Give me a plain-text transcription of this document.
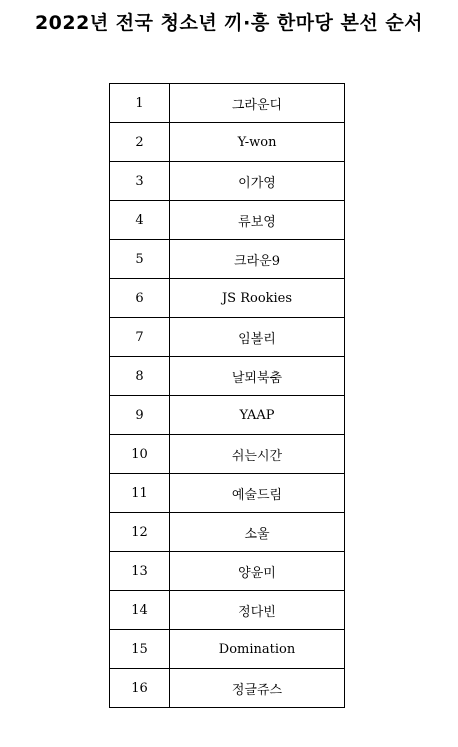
2022년 전국 청소년 끼·흥 한마당 본선 순서
1	그라운디
2	Y-won
3	이가영
4	류보영
5	크라운9
6	JS Rookies
7	임볼리
8	날뫼북춤
9	YAAP
10	쉬는시간
11	예술드림
12	소울
13	양윤미
14	정다빈
15	Domination
16	정글쥬스
